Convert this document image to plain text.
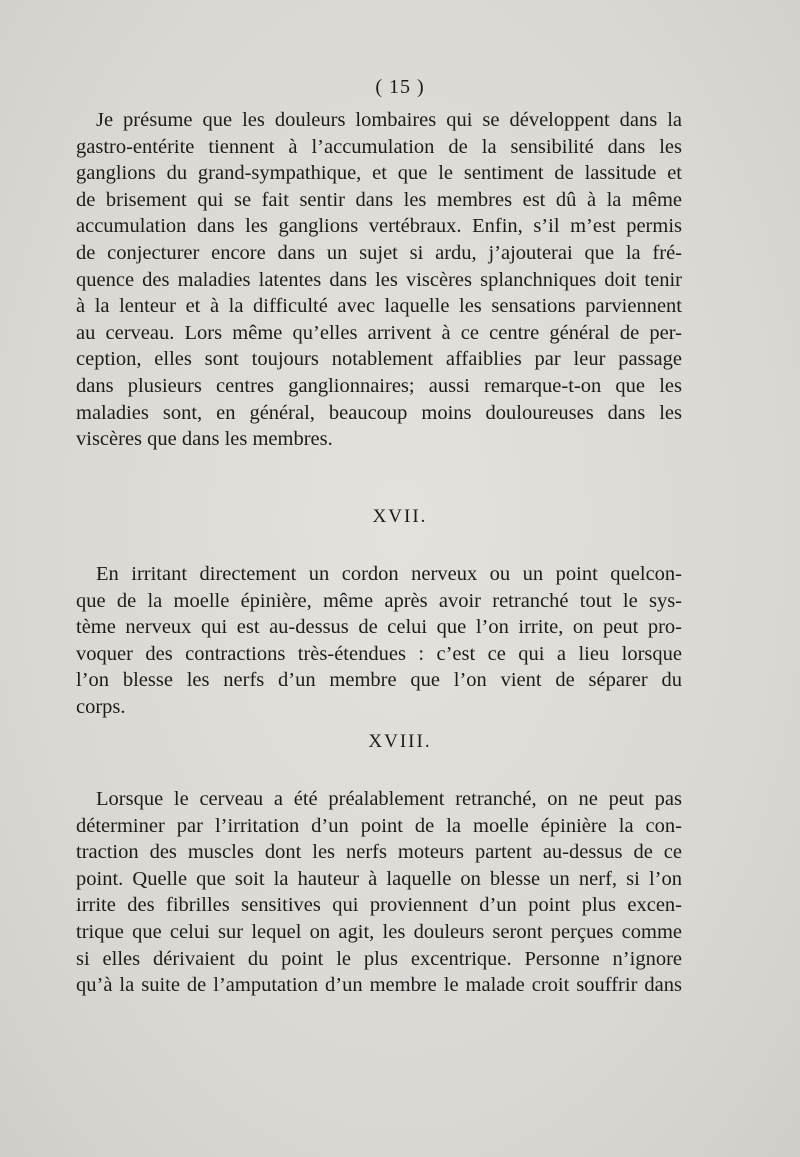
( 15 )
Je présume que les douleurs lombaires qui se développent dans la
gastro-entérite tiennent à l’accumulation de la sensibilité dans les
ganglions du grand-sympathique, et que le sentiment de lassitude et
de brisement qui se fait sentir dans les membres est dû à la même
accumulation dans les ganglions vertébraux. Enfin, s’il m’est permis
de conjecturer encore dans un sujet si ardu, j’ajouterai que la fré-
quence des maladies latentes dans les viscères splanchniques doit tenir
à la lenteur et à la difficulté avec laquelle les sensations parviennent
au cerveau. Lors même qu’elles arrivent à ce centre général de per-
ception, elles sont toujours notablement affaiblies par leur passage
dans plusieurs centres ganglionnaires; aussi remarque-t-on que les
maladies sont, en général, beaucoup moins douloureuses dans les
viscères que dans les membres.
XVII.
En irritant directement un cordon nerveux ou un point quelcon-
que de la moelle épinière, même après avoir retranché tout le sys-
tème nerveux qui est au-dessus de celui que l’on irrite, on peut pro-
voquer des contractions très-étendues : c’est ce qui a lieu lorsque
l’on blesse les nerfs d’un membre que l’on vient de séparer du
corps.
XVIII.
Lorsque le cerveau a été préalablement retranché, on ne peut pas
déterminer par l’irritation d’un point de la moelle épinière la con-
traction des muscles dont les nerfs moteurs partent au-dessus de ce
point. Quelle que soit la hauteur à laquelle on blesse un nerf, si l’on
irrite des fibrilles sensitives qui proviennent d’un point plus excen-
trique que celui sur lequel on agit, les douleurs seront perçues comme
si elles dérivaient du point le plus excentrique. Personne n’ignore
qu’à la suite de l’amputation d’un membre le malade croit souffrir dans
